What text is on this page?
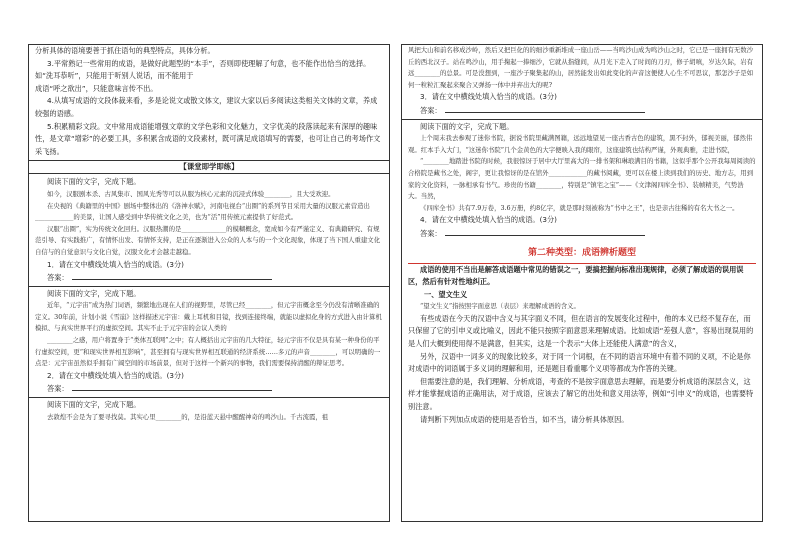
分析具体的语境要善于抓住语句的典型特点，具体分析。

3.平常熟记一些常用的成语，是做好此题型的“本手”，否则即使理解了句意，也不能作出恰当的选择。如“洗耳恭听”，只能用于听别人说话，而不能用于

成语“呼之欲出”，只能意味言传不出。

4.从填写成语的文段体裁来看，多是论说文或散文体文，建议大家以后多阅读这类相关文体的文章，养成较强的语感。

5.积累精彩文段。文中常用成语能增强文章的文学色彩和文化魅力，文字优美的段落读起来有深厚的趣味性，是文章“增彩”的必要工具，多积累含成语的文段素材，既可满足成语填写的需要，也可让自己的考场作文采飞扬。

【课堂即学即练】

阅读下面的文字，完成下题。

如今，汉服剧本杀、古风集市、国风光秀等可以从服为核心元素的沉浸式体验________，且大受欢迎。

在央视的《典籍里的中国》剧场中整体出的《洛神水赋》，河南电视台“出圈”的系列节目采用大量的汉服元素营造出____________的美景，让国人感受到中华传统文化之美，也为“活”用传统元素提供了好范式。

汉服“出圈”，实为传统文化回归。汉服热潮的是______________的模糊概念，宽成如今有严谨定义、有典籍研究、有规范引导、有实践推广，有情怀出发、有情怀支持，是正在逐渐进入公众的人本与的一个文化现象，体现了当下国人重建文化自信与的自觉意识与文化自觉，汉服文化才会越走越稳。

1．请在文中横线处填入恰当的成语。(3分)

答案：

阅读下面的文字，完成下题。

近年，“元宇宙”成为热门词语，频繁地出现在人们的视野里，尽管已经________，但元宇宙概念至今仍没有清晰准确的定义。30年前，计划小说《雪崩》这样描述元宇宙：戴上耳机和目镜，找到连接终端，就能以虚拟化身的方式进入由计算机模拟、与真实世界平行的虚拟空间。其实不止于元宇宙的会议人类的

________之感，用户将置身于“类体互联网”之中；有人概括出元宇宙的几大特征，轻元宇宙不仅是具有某一种身份的平行虚拟空间，更“和现实世界相互影响”，甚至拥有与现实世界相互联通的经济系统……多元的声音________，可以明确的一点是：元宇宙虽然似乎拥有广阔空间的市场前景，但对于这样一个新兴的事物，我们需要保持清醒的辩证思考。

2．请在文中横线处填入恰当的成语。(3分)

答案：

阅读下面的文字，完成下题。

去敦煌不会是为了要寻找莫。其实心里________的，是沿蓝天悬中醒醒神奇的鸣沙山。千古流霞，祖

风把大山和前名移成沙岭，然后又把巨化的的细沙重新堆成一座山岳——当鸣沙山成为鸣沙山之时，它已是一座拥有无数沙丘的西北汉子。站在鸣沙山，用手掬起一捧细沙，它就从指缝间，从月光下走入了时间的刀刃，修子胡嗔，岁达久际，岩有远________的总景。可是没想到，一座沙子聚集起的山，居然能发出如此变化的声音这便使人心生不可思议，那怎沙子是如何一粒粒汇聚起来聚合又弹扬一体中并弃出大的呢?

3．请在文中横线处填入恰当的成语。(3分)

答案：

阅读下面的文字，完成下题。

上个周末我去参观了迷你书院，据说书院里藏满图籍，远远地望见一座古香古色的建筑，黑不封外，郁视美丽，郁然伟观。红本手入大门，“这迷你书院”几个金黄色的大字便映入我的眼帘，这座建筑也结构严谨，外观典雅，走进书院，

“________地踏进书院的时候，我很惊讶于居中大厅里高大的一排书架和琳琅满目的书籍，这似乎那个公开我每周阅读的合格院是藏书之处，阁宇，更让我惊讶的是在馆外____________的藏书阅藏，更可以在楼上读到我们的历史、地方志，用到家的文化资料，一脉相承有书气。珍贵的书籍________，特别是“镇宅之宝”——《文津阁四库全书》、装帧精美，气势浩大。当然，

《四库全书》共有7.9万卷，3.6万册，约8亿字，就是那时刻被称为“书中之王”，也是亲古往稀的有名大书之一。

4．请在文中横线处填入恰当的成语。(3分)

答案：

第二种类型：成语辨析题型

成语的使用不当出是解答成语题中常见的错误之一，要搞把握向标准出现规律，必须了解成语的误用误区，然后有针对性地纠正。

一、望文生义

“望文生义”指按照字面意思（表层）来理解成语的含义。

有些成语在今天的汉语中含义与其字面义不同，但在语言的发展变化过程中，他的本义已经不复存在，而只保留了它的引申义或比喻义，因此不能只按照字面意思来理解成语。比如成语“差强人意”，容易出现误用的是人们大概到使用得不是满意，但其实，这是一个表示“大体上还能使人满意”的含义，

另外，汉语中一词多义的现象比较多，对于同一个词根，在不同的语言环境中有着不同的义项，不论是你对成语中的词语属于多义词的理解和用，还是题目看重哪个义项等都成为作答的关键。

但需要注意的是，我们理解、分析成语，考查的不是按字面意思去理解，而是要分析成语的深层含义，这样才能掌握成语的正确用法，对于成语，应该去了解它的出处和意义用法等，例如“引申义”的成语，也需要特别注意。

请判断下列加点成语的使用是否恰当，如不当，请分析具体原因。
